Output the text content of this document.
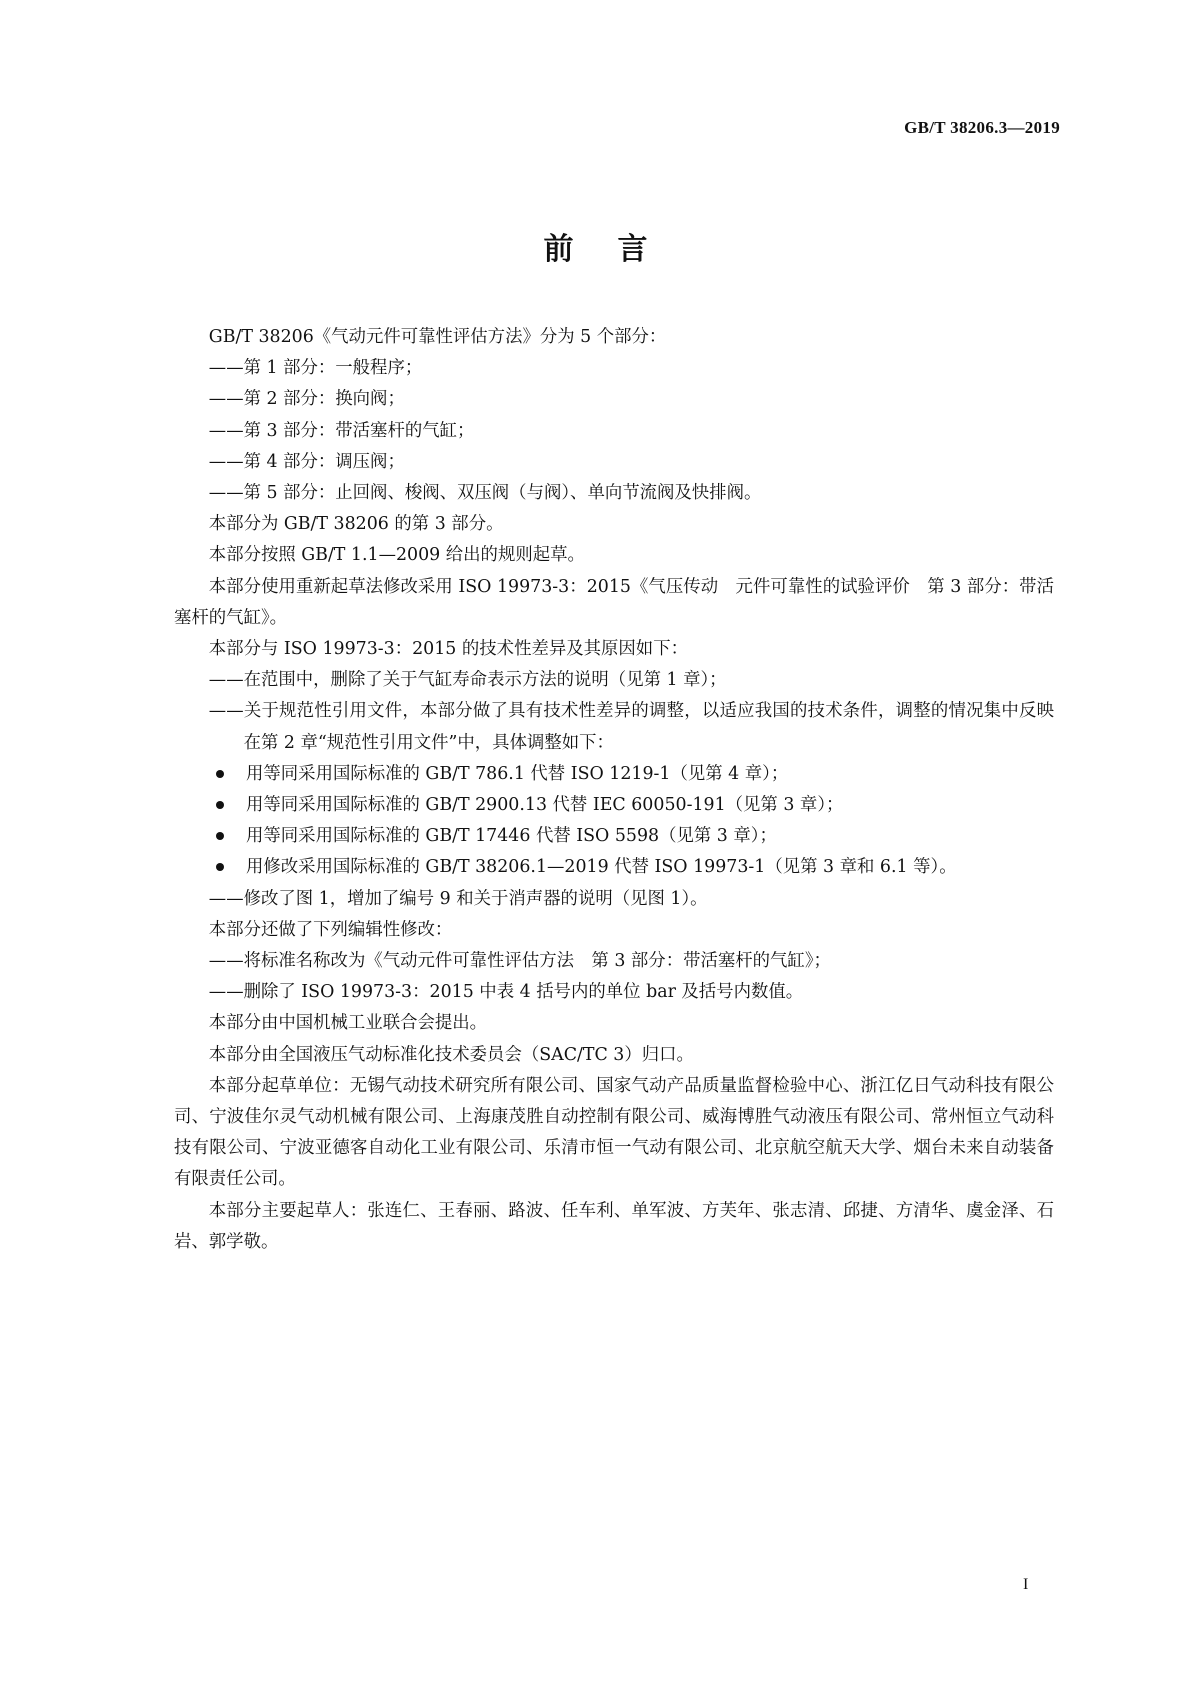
GB/T 38206.3—2019
前言
GB/T 38206《气动元件可靠性评估方法》分为 5 个部分：
——第 1 部分：一般程序；
——第 2 部分：换向阀；
——第 3 部分：带活塞杆的气缸；
——第 4 部分：调压阀；
——第 5 部分：止回阀、梭阀、双压阀（与阀）、单向节流阀及快排阀。
本部分为 GB/T 38206 的第 3 部分。
本部分按照 GB/T 1.1—2009 给出的规则起草。
本部分使用重新起草法修改采用 ISO 19973-3：2015《气压传动　元件可靠性的试验评价　第 3 部分：带活塞杆的气缸》。
本部分与 ISO 19973-3：2015 的技术性差异及其原因如下：
——在范围中，删除了关于气缸寿命表示方法的说明（见第 1 章）；
——关于规范性引用文件，本部分做了具有技术性差异的调整，以适应我国的技术条件，调整的情况集中反映在第 2 章“规范性引用文件”中，具体调整如下：
用等同采用国际标准的 GB/T 786.1 代替 ISO 1219-1（见第 4 章）；
用等同采用国际标准的 GB/T 2900.13 代替 IEC 60050-191（见第 3 章）；
用等同采用国际标准的 GB/T 17446 代替 ISO 5598（见第 3 章）；
用修改采用国际标准的 GB/T 38206.1—2019 代替 ISO 19973-1（见第 3 章和 6.1 等）。
——修改了图 1，增加了编号 9 和关于消声器的说明（见图 1）。
本部分还做了下列编辑性修改：
——将标准名称改为《气动元件可靠性评估方法　第 3 部分：带活塞杆的气缸》；
——删除了 ISO 19973-3：2015 中表 4 括号内的单位 bar 及括号内数值。
本部分由中国机械工业联合会提出。
本部分由全国液压气动标准化技术委员会（SAC/TC 3）归口。
本部分起草单位：无锡气动技术研究所有限公司、国家气动产品质量监督检验中心、浙江亿日气动科技有限公司、宁波佳尔灵气动机械有限公司、上海康茂胜自动控制有限公司、威海博胜气动液压有限公司、常州恒立气动科技有限公司、宁波亚德客自动化工业有限公司、乐清市恒一气动有限公司、北京航空航天大学、烟台未来自动装备有限责任公司。
本部分主要起草人：张连仁、王春丽、路波、任车利、单军波、方芙年、张志清、邱捷、方清华、虞金泽、石岩、郭学敬。
I
